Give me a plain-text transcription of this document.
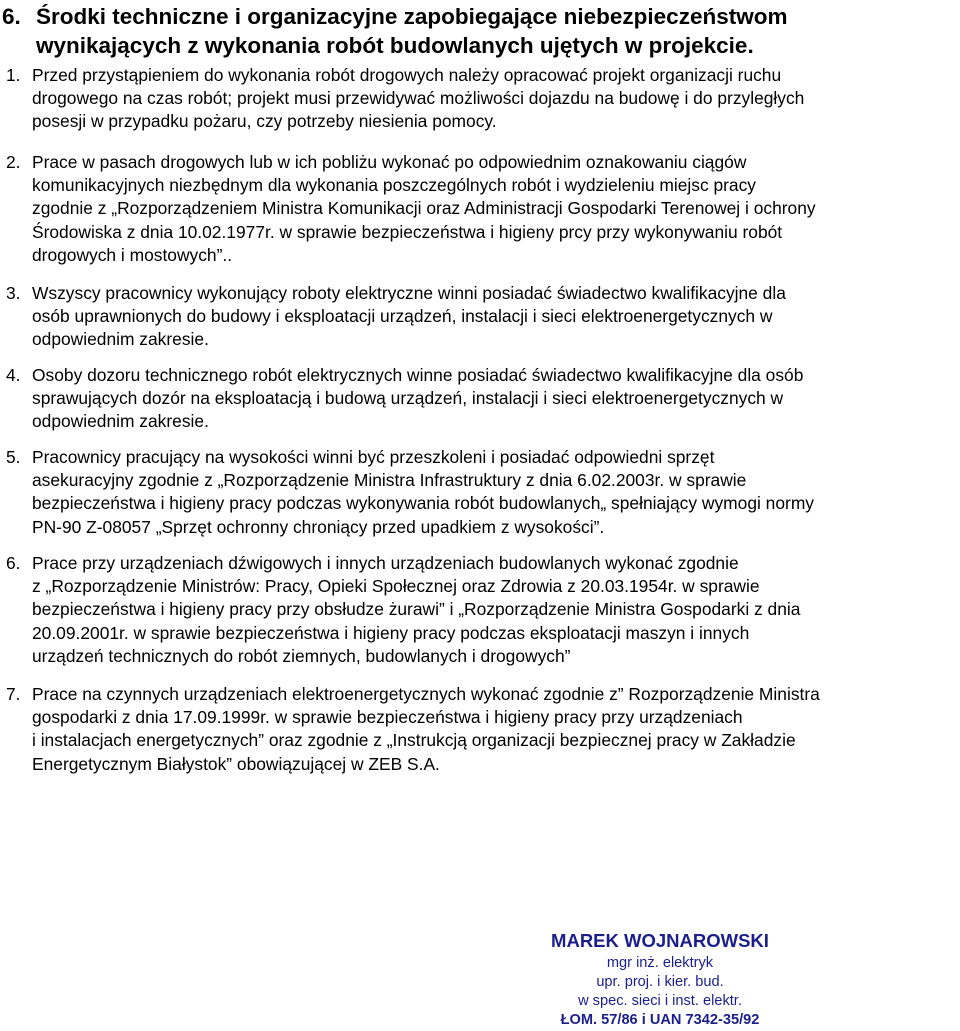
6. Środki techniczne i organizacyjne zapobiegające niebezpieczeństwom
wynikających z wykonania robót budowlanych ujętych w projekcie.
1. Przed przystąpieniem do wykonania robót drogowych należy opracować projekt organizacji ruchu
drogowego na czas robót; projekt musi przewidywać możliwości dojazdu na budowę i do przyległych
posesji w przypadku pożaru, czy potrzeby niesienia pomocy.
2. Prace w pasach drogowych lub w ich pobliżu wykonać po odpowiednim oznakowaniu ciągów
komunikacyjnych niezbędnym dla wykonania poszczególnych robót i wydzieleniu miejsc pracy
zgodnie z „Rozporządzeniem Ministra Komunikacji oraz Administracji Gospodarki Terenowej i ochrony
Środowiska z dnia 10.02.1977r. w sprawie bezpieczeństwa i higieny prcy przy wykonywaniu robót
drogowych i mostowych”..
3. Wszyscy pracownicy wykonujący roboty elektryczne winni posiadać świadectwo kwalifikacyjne dla
osób uprawnionych do budowy i eksploatacji urządzeń, instalacji i sieci elektroenergetycznych w
odpowiednim zakresie.
4. Osoby dozoru technicznego robót elektrycznych winne posiadać świadectwo kwalifikacyjne dla osób
sprawujących dozór na eksploatacją i budową urządzeń, instalacji i sieci elektroenergetycznych w
odpowiednim zakresie.
5. Pracownicy pracujący na wysokości winni być przeszkoleni i posiadać odpowiedni sprzęt
asekuracyjny zgodnie z „Rozporządzenie Ministra Infrastruktury z dnia 6.02.2003r. w sprawie
bezpieczeństwa i higieny pracy podczas wykonywania robót budowlanych„ spełniający wymogi normy
PN-90 Z-08057 „Sprzęt ochronny chroniący przed upadkiem z wysokości”.
6. Prace przy urządzeniach dźwigowych i innych urządzeniach budowlanych wykonać zgodnie
z „Rozporządzenie Ministrów: Pracy, Opieki Społecznej oraz Zdrowia z 20.03.1954r. w sprawie
bezpieczeństwa i higieny pracy przy obsłudze żurawi” i „Rozporządzenie Ministra Gospodarki z dnia
20.09.2001r. w sprawie bezpieczeństwa i higieny pracy podczas eksploatacji maszyn i innych
urządzeń technicznych do robót ziemnych, budowlanych i drogowych”
7. Prace na czynnych urządzeniach elektroenergetycznych wykonać zgodnie z” Rozporządzenie Ministra
gospodarki z dnia 17.09.1999r. w sprawie bezpieczeństwa i higieny pracy przy urządzeniach
i instalacjach energetycznych” oraz zgodnie z „Instrukcją organizacji bezpiecznej pracy w Zakładzie
Energetycznym Białystok” obowiązującej w ZEB S.A.
MAREK WOJNAROWSKI
mgr inż. elektryk
upr. proj. i kier. bud.
w spec. sieci i inst. elektr.
ŁOM. 57/86 i UAN 7342-35/92
